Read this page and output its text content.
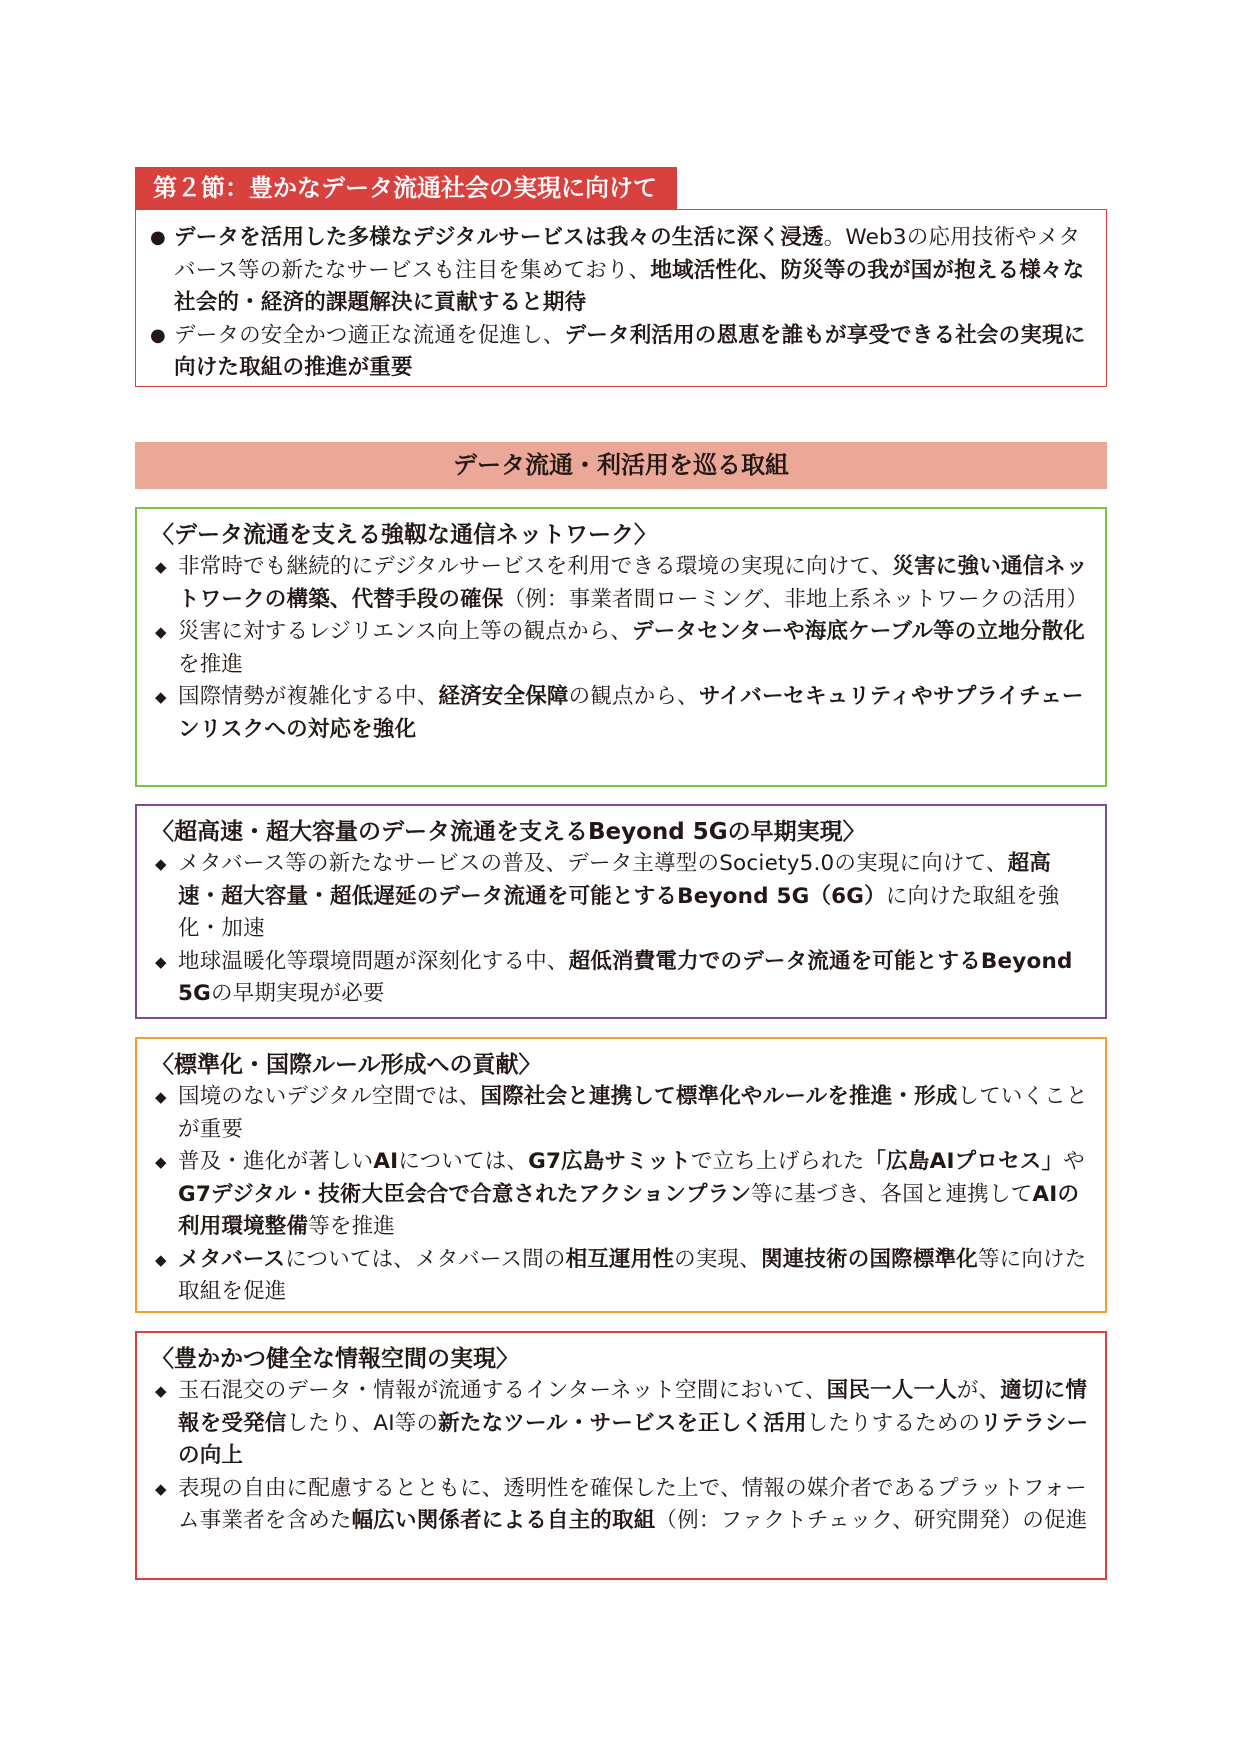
第２節：豊かなデータ流通社会の実現に向けて
● データを活用した多様なデジタルサービスは我々の生活に深く浸透。Web3の応用技術やメタバース等の新たなサービスも注目を集めており、地域活性化、防災等の我が国が抱える様々な社会的・経済的課題解決に貢献すると期待
● データの安全かつ適正な流通を促進し、データ利活用の恩恵を誰もが享受できる社会の実現に向けた取組の推進が重要
データ流通・利活用を巡る取組
〈データ流通を支える強靱な通信ネットワーク〉
◆ 非常時でも継続的にデジタルサービスを利用できる環境の実現に向けて、災害に強い通信ネットワークの構築、代替手段の確保（例：事業者間ローミング、非地上系ネットワークの活用）
◆ 災害に対するレジリエンス向上等の観点から、データセンターや海底ケーブル等の立地分散化を推進
◆ 国際情勢が複雑化する中、経済安全保障の観点から、サイバーセキュリティやサプライチェーンリスクへの対応を強化
〈超高速・超大容量のデータ流通を支えるBeyond 5Gの早期実現〉
◆ メタバース等の新たなサービスの普及、データ主導型のSociety5.0の実現に向けて、超高速・超大容量・超低遅延のデータ流通を可能とするBeyond 5G（6G）に向けた取組を強化・加速
◆ 地球温暖化等環境問題が深刻化する中、超低消費電力でのデータ流通を可能とするBeyond 5Gの早期実現が必要
〈標準化・国際ルール形成への貢献〉
◆ 国境のないデジタル空間では、国際社会と連携して標準化やルールを推進・形成していくことが重要
◆ 普及・進化が著しいAIについては、G7広島サミットで立ち上げられた「広島AIプロセス」やG7デジタル・技術大臣会合で合意されたアクションプラン等に基づき、各国と連携してAIの利用環境整備等を推進
◆ メタバースについては、メタバース間の相互運用性の実現、関連技術の国際標準化等に向けた取組を促進
〈豊かかつ健全な情報空間の実現〉
◆ 玉石混交のデータ・情報が流通するインターネット空間において、国民一人一人が、適切に情報を受発信したり、AI等の新たなツール・サービスを正しく活用したりするためのリテラシーの向上
◆ 表現の自由に配慮するとともに、透明性を確保した上で、情報の媒介者であるプラットフォーム事業者を含めた幅広い関係者による自主的取組（例：ファクトチェック、研究開発）の促進
